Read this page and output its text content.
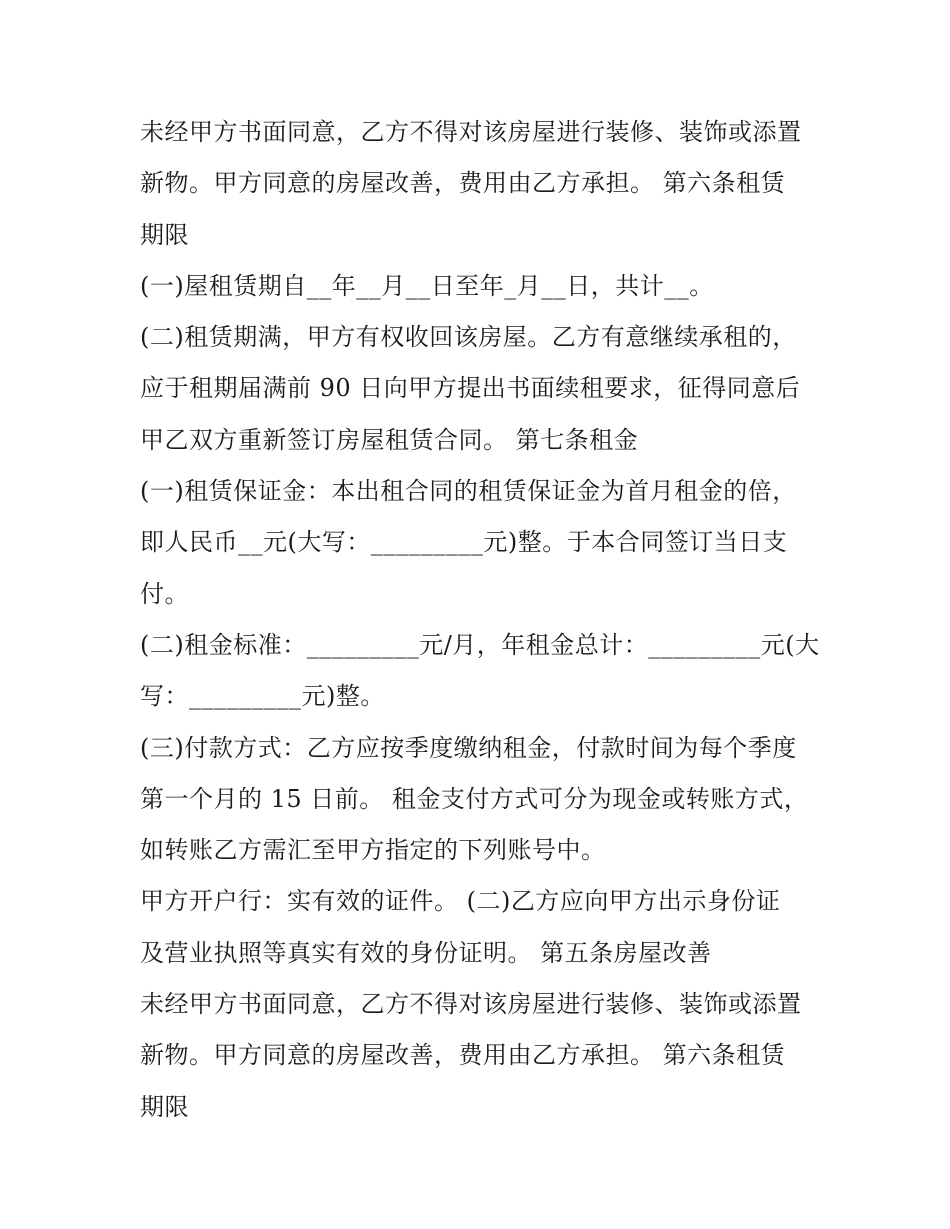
未经甲方书面同意，乙方不得对该房屋进行装修、装饰或添置
新物。甲方同意的房屋改善，费用由乙方承担。 第六条租赁
期限
(一)屋租赁期自__年__月__日至年_月__日，共计__。
(二)租赁期满，甲方有权收回该房屋。乙方有意继续承租的，
应于租期届满前 90 日向甲方提出书面续租要求，征得同意后
甲乙双方重新签订房屋租赁合同。 第七条租金
(一)租赁保证金：本出租合同的租赁保证金为首月租金的倍，
即人民币__元(大写：_________元)整。于本合同签订当日支
付。
(二)租金标准：_________元/月，年租金总计：_________元(大
写：_________元)整。
(三)付款方式：乙方应按季度缴纳租金，付款时间为每个季度
第一个月的 15 日前。 租金支付方式可分为现金或转账方式，
如转账乙方需汇至甲方指定的下列账号中。
甲方开户行：实有效的证件。 (二)乙方应向甲方出示身份证
及营业执照等真实有效的身份证明。 第五条房屋改善
未经甲方书面同意，乙方不得对该房屋进行装修、装饰或添置
新物。甲方同意的房屋改善，费用由乙方承担。 第六条租赁
期限
